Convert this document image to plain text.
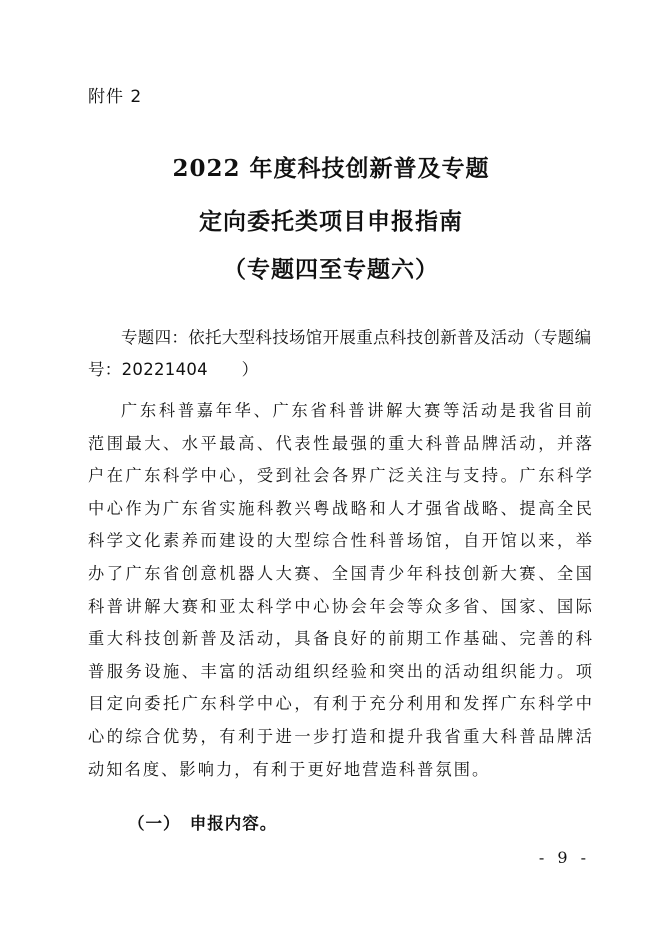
附件 2
2022 年度科技创新普及专题
定向委托类项目申报指南
（专题四至专题六）
专题四：依托大型科技场馆开展重点科技创新普及活动（专题编号：20221404　　）
广东科普嘉年华、广东省科普讲解大赛等活动是我省目前范围最大、水平最高、代表性最强的重大科普品牌活动，并落户在广东科学中心，受到社会各界广泛关注与支持。广东科学中心作为广东省实施科教兴粤战略和人才强省战略、提高全民科学文化素养而建设的大型综合性科普场馆，自开馆以来，举办了广东省创意机器人大赛、全国青少年科技创新大赛、全国科普讲解大赛和亚太科学中心协会年会等众多省、国家、国际重大科技创新普及活动，具备良好的前期工作基础、完善的科普服务设施、丰富的活动组织经验和突出的活动组织能力。项目定向委托广东科学中心，有利于充分利用和发挥广东科学中心的综合优势，有利于进一步打造和提升我省重大科普品牌活动知名度、影响力，有利于更好地营造科普氛围。
（一）　申报内容。
- 9 -
